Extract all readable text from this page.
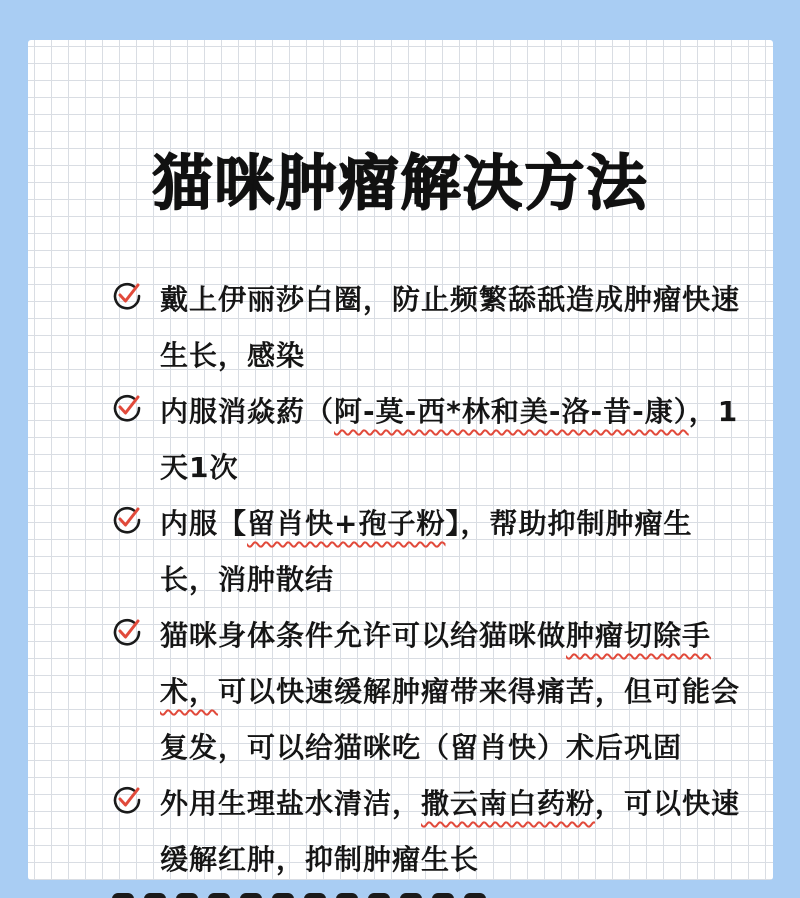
猫咪肿瘤解决方法
戴上伊丽莎白圈，防止频繁舔舐造成肿瘤快速生长，感染
内服消焱葯（阿-莫-西*林和美-洛-昔-康），1天1次
内服【留肖快+孢子粉】，帮助抑制肿瘤生长，消肿散结
猫咪身体条件允许可以给猫咪做肿瘤切除手术，可以快速缓解肿瘤带来得痛苦，但可能会复发，可以给猫咪吃（留肖快）术后巩固
外用生理盐水清洁，撒云南白药粉，可以快速缓解红肿，抑制肿瘤生长
